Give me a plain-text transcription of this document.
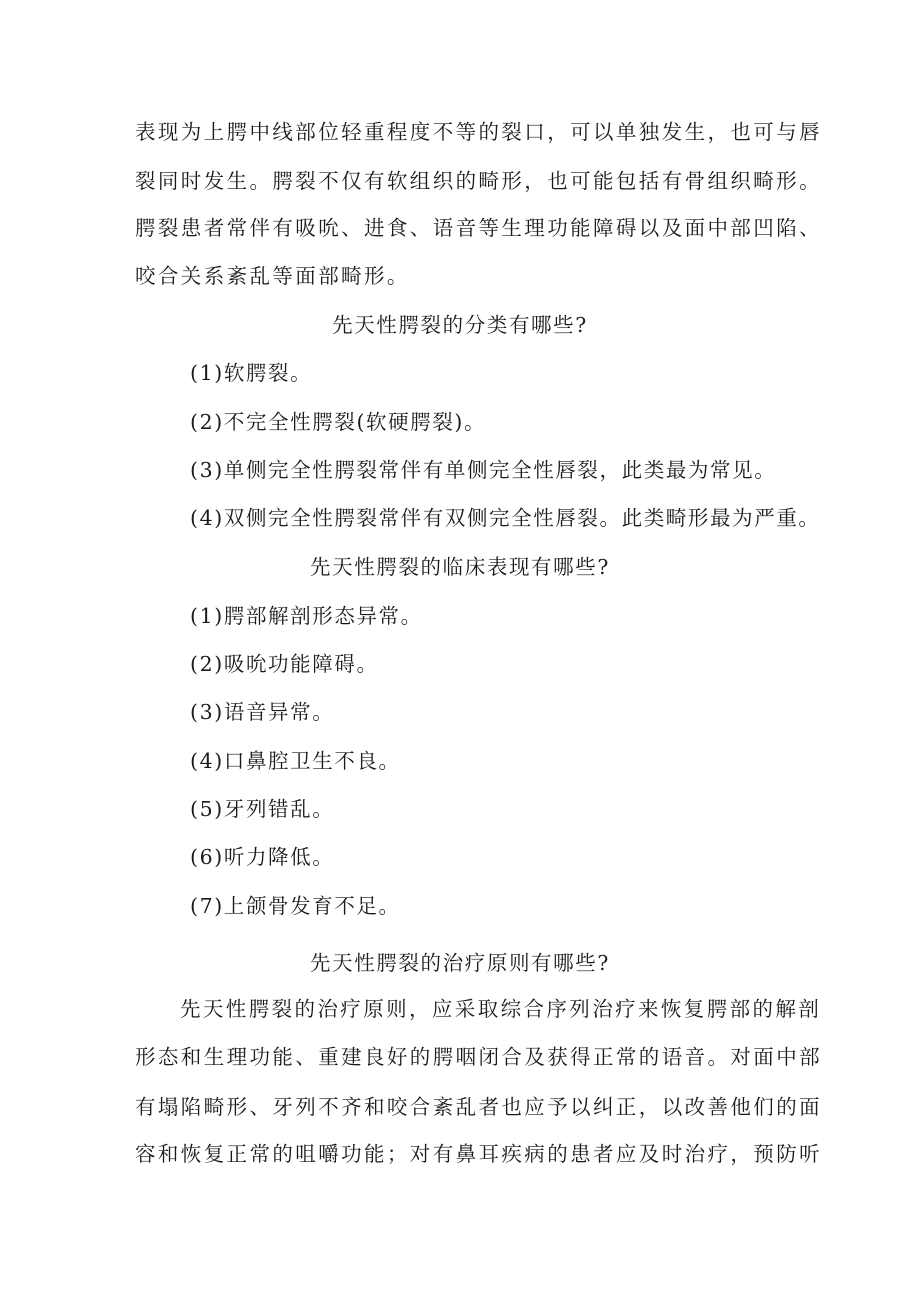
表现为上腭中线部位轻重程度不等的裂口，可以单独发生，也可与唇
裂同时发生。腭裂不仅有软组织的畸形，也可能包括有骨组织畸形。
腭裂患者常伴有吸吮、进食、语音等生理功能障碍以及面中部凹陷、
咬合关系紊乱等面部畸形。
先天性腭裂的分类有哪些?
(1)软腭裂。
(2)不完全性腭裂(软硬腭裂)。
(3)单侧完全性腭裂常伴有单侧完全性唇裂，此类最为常见。
(4)双侧完全性腭裂常伴有双侧完全性唇裂。此类畸形最为严重。
先天性腭裂的临床表现有哪些?
(1)腭部解剖形态异常。
(2)吸吮功能障碍。
(3)语音异常。
(4)口鼻腔卫生不良。
(5)牙列错乱。
(6)听力降低。
(7)上颌骨发育不足。
先天性腭裂的治疗原则有哪些?
先天性腭裂的治疗原则，应采取综合序列治疗来恢复腭部的解剖
形态和生理功能、重建良好的腭咽闭合及获得正常的语音。对面中部
有塌陷畸形、牙列不齐和咬合紊乱者也应予以纠正，以改善他们的面
容和恢复正常的咀嚼功能；对有鼻耳疾病的患者应及时治疗，预防听
